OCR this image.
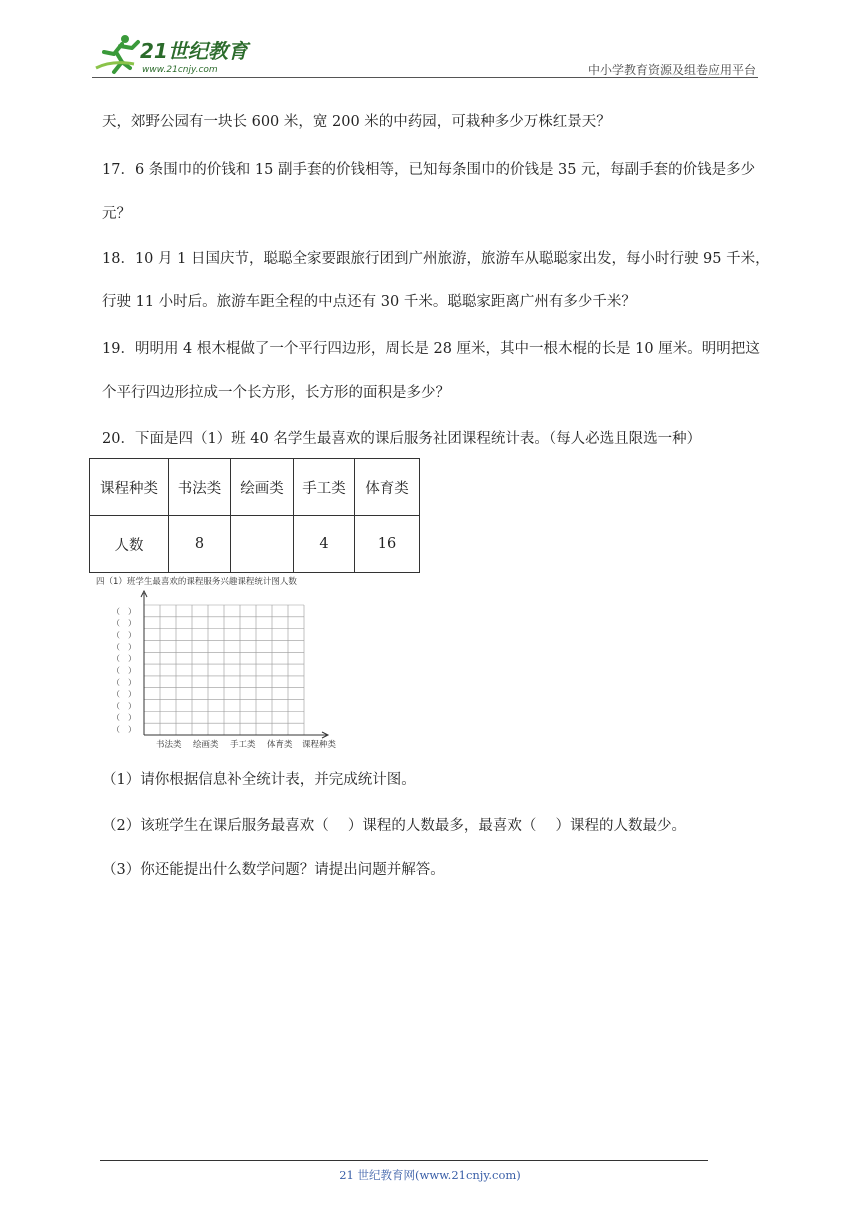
21世纪教育
www.21cnjy.com	中小学教育资源及组卷应用平台
天，郊野公园有一块长 600 米，宽 200 米的中药园，可栽种多少万株红景天？
17．6 条围巾的价钱和 15 副手套的价钱相等，已知每条围巾的价钱是 35 元，每副手套的价钱是多少
元？
18．10 月 1 日国庆节，聪聪全家要跟旅行团到广州旅游，旅游车从聪聪家出发，每小时行驶 95 千米，
行驶 11 小时后。旅游车距全程的中点还有 30 千米。聪聪家距离广州有多少千米？
19．明明用 4 根木棍做了一个平行四边形，周长是 28 厘米，其中一根木棍的长是 10 厘米。明明把这
个平行四边形拉成一个长方形，长方形的面积是多少？
20．下面是四（1）班 40 名学生最喜欢的课后服务社团课程统计表。（每人必选且限选一种）
课程种类	书法类	绘画类	手工类	体育类
人数	8		4	16
四（1）班学生最喜欢的课程服务兴趣课程统计图人数
（　）
（　）
（　）
（　）
（　）
（　）
（　）
（　）
（　）
（　）
（　）
书法类 绘画类 手工类 体育类 课程种类
（1）请你根据信息补全统计表，并完成统计图。
（2）该班学生在课后服务最喜欢（　 ）课程的人数最多，最喜欢（　 ）课程的人数最少。
（3）你还能提出什么数学问题？请提出问题并解答。
21 世纪教育网(www.21cnjy.com)
